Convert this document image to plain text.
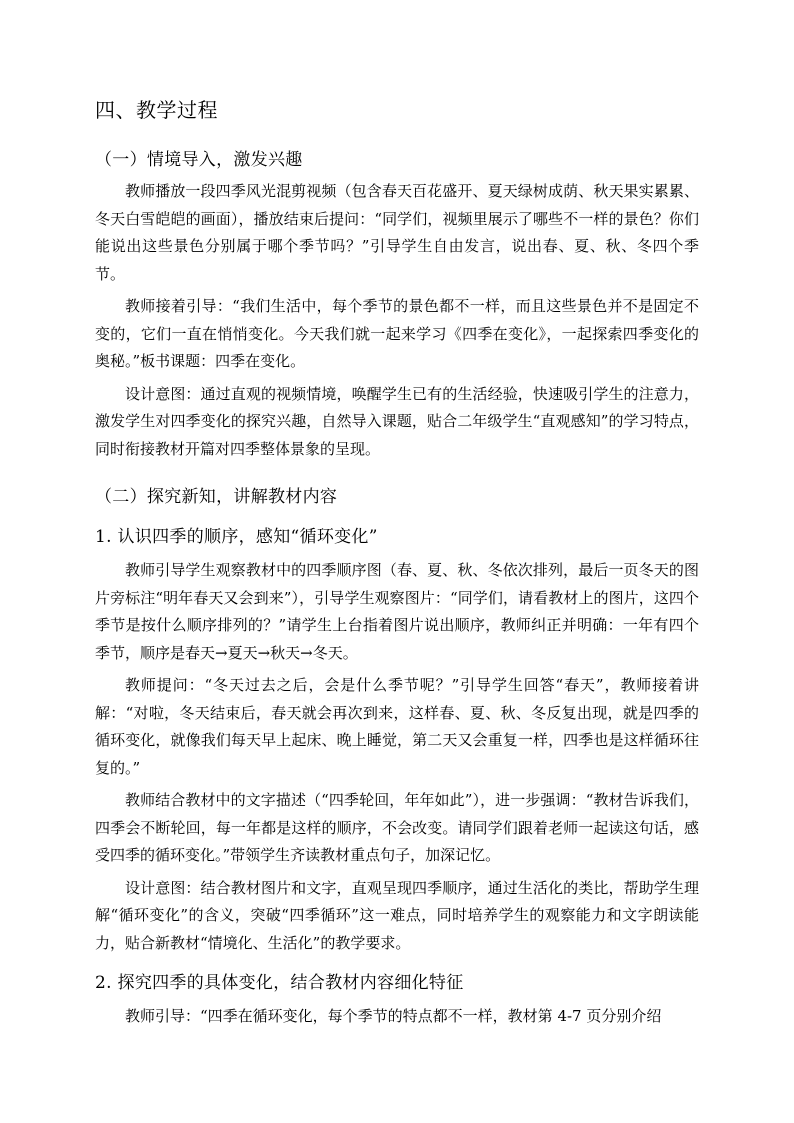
四、教学过程
（一）情境导入，激发兴趣

教师播放一段四季风光混剪视频（包含春天百花盛开、夏天绿树成荫、秋天果实累累、冬天白雪皑皑的画面），播放结束后提问：“同学们，视频里展示了哪些不一样的景色？你们能说出这些景色分别属于哪个季节吗？”引导学生自由发言，说出春、夏、秋、冬四个季节。

教师接着引导：“我们生活中，每个季节的景色都不一样，而且这些景色并不是固定不变的，它们一直在悄悄变化。今天我们就一起来学习《四季在变化》，一起探索四季变化的奥秘。”板书课题：四季在变化。

设计意图：通过直观的视频情境，唤醒学生已有的生活经验，快速吸引学生的注意力，激发学生对四季变化的探究兴趣，自然导入课题，贴合二年级学生“直观感知”的学习特点，同时衔接教材开篇对四季整体景象的呈现。

（二）探究新知，讲解教材内容
1. 认识四季的顺序，感知“循环变化”

教师引导学生观察教材中的四季顺序图（春、夏、秋、冬依次排列，最后一页冬天的图片旁标注“明年春天又会到来”），引导学生观察图片：“同学们，请看教材上的图片，这四个季节是按什么顺序排列的？”请学生上台指着图片说出顺序，教师纠正并明确：一年有四个季节，顺序是春天→夏天→秋天→冬天。

教师提问：“冬天过去之后，会是什么季节呢？”引导学生回答“春天”，教师接着讲解：“对啦，冬天结束后，春天就会再次到来，这样春、夏、秋、冬反复出现，就是四季的循环变化，就像我们每天早上起床、晚上睡觉，第二天又会重复一样，四季也是这样循环往复的。”

教师结合教材中的文字描述（“四季轮回，年年如此”），进一步强调：“教材告诉我们，四季会不断轮回，每一年都是这样的顺序，不会改变。请同学们跟着老师一起读这句话，感受四季的循环变化。”带领学生齐读教材重点句子，加深记忆。

设计意图：结合教材图片和文字，直观呈现四季顺序，通过生活化的类比，帮助学生理解“循环变化”的含义，突破“四季循环”这一难点，同时培养学生的观察能力和文字朗读能力，贴合新教材“情境化、生活化”的教学要求。

2. 探究四季的具体变化，结合教材内容细化特征

教师引导：“四季在循环变化，每个季节的特点都不一样，教材第 4-7 页分别介绍
